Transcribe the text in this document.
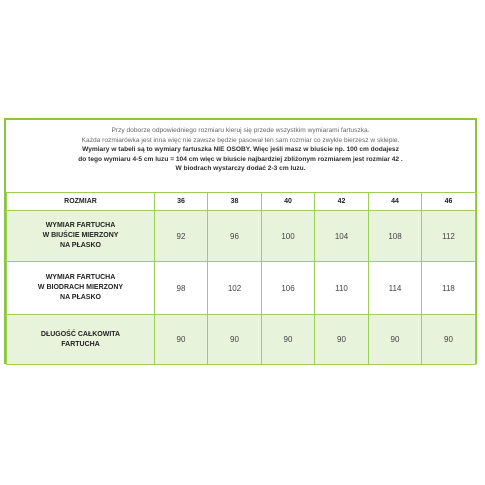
Przy doborze odpowiedniego rozmiaru kieruj się przede wszystkim wymiarami fartuszka.
Każda rozmiarówka jest inna więc nie zawsze będzie pasował ten sam rozmiar co zwykle bierzesz w sklepie.
Wymiary w tabeli są to wymiary fartuszka NIE OSOBY. Więc jeśli masz w biuście np. 100 cm dodajesz
do tego wymiaru 4-5 cm luzu = 104 cm więc w biuście najbardziej zbliżonym rozmiarem jest rozmiar 42 .
W biodrach wystarczy dodać 2-3 cm luzu.
ROZMIAR	36	38	40	42	44	46

WYMIAR FARTUCHA
W BIUŚCIE MIERZONY
NA PŁASKO	92	96	100	104	108	112

WYMIAR FARTUCHA
W BIODRACH MIERZONY
NA PŁASKO	98	102	106	110	114	118

DŁUGOŚĆ CAŁKOWITA
FARTUCHA	90	90	90	90	90	90
